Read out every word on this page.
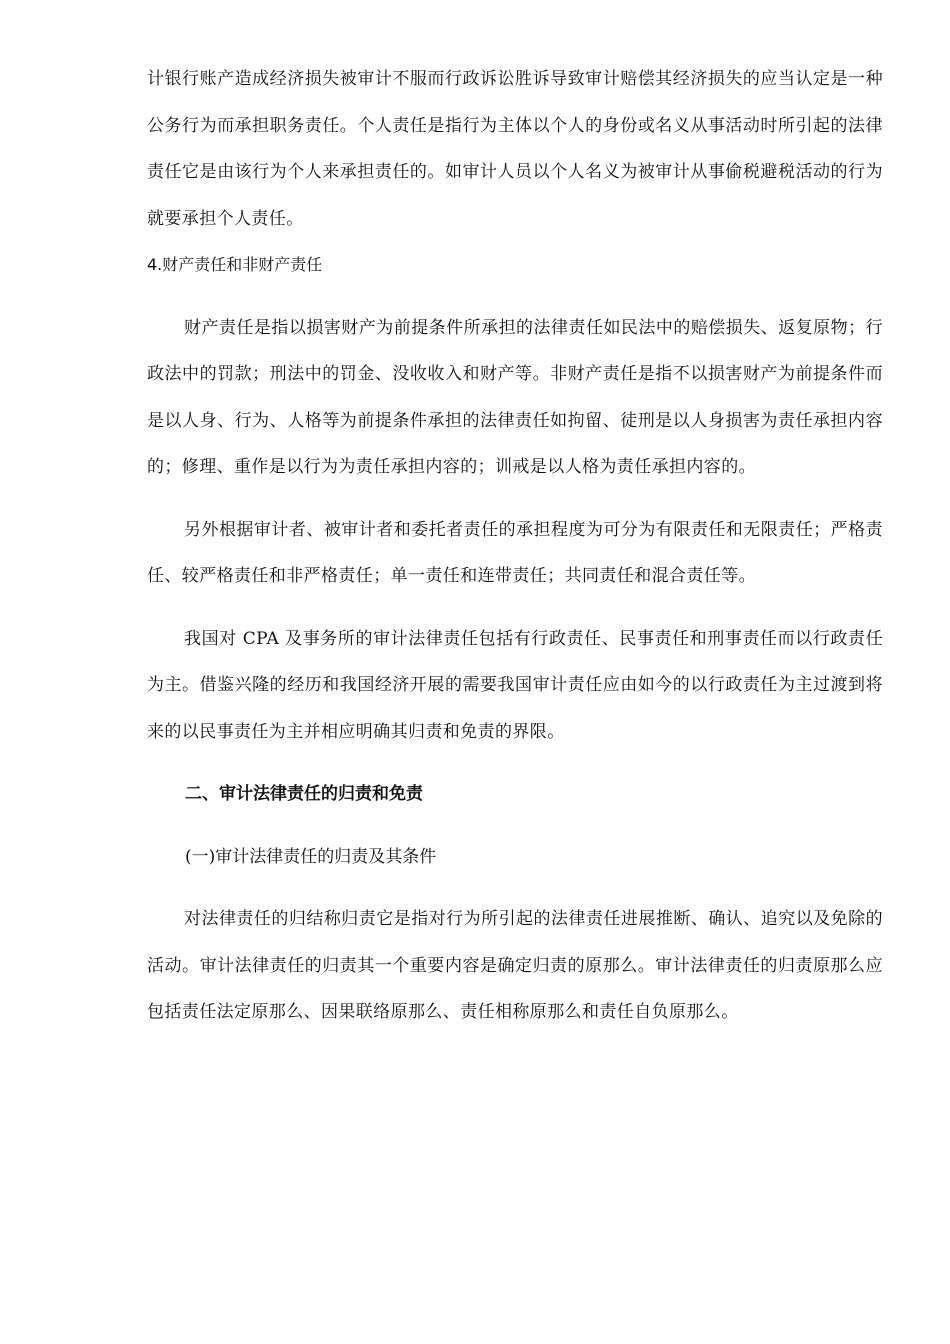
计银行账产造成经济损失被审计不服而行政诉讼胜诉导致审计赔偿其经济损失的应当认定是一种公务行为而承担职务责任。个人责任是指行为主体以个人的身份或名义从事活动时所引起的法律责任它是由该行为个人来承担责任的。如审计人员以个人名义为被审计从事偷税避税活动的行为就要承担个人责任。

4.财产责任和非财产责任

财产责任是指以损害财产为前提条件所承担的法律责任如民法中的赔偿损失、返复原物；行政法中的罚款；刑法中的罚金、没收收入和财产等。非财产责任是指不以损害财产为前提条件而是以人身、行为、人格等为前提条件承担的法律责任如拘留、徒刑是以人身损害为责任承担内容的；修理、重作是以行为为责任承担内容的；训戒是以人格为责任承担内容的。

另外根据审计者、被审计者和委托者责任的承担程度为可分为有限责任和无限责任；严格责任、较严格责任和非严格责任；单一责任和连带责任；共同责任和混合责任等。

我国对 CPA 及事务所的审计法律责任包括有行政责任、民事责任和刑事责任而以行政责任为主。借鉴兴隆的经历和我国经济开展的需要我国审计责任应由如今的以行政责任为主过渡到将来的以民事责任为主并相应明确其归责和免责的界限。

二、审计法律责任的归责和免责

(一)审计法律责任的归责及其条件

对法律责任的归结称归责它是指对行为所引起的法律责任进展推断、确认、追究以及免除的活动。审计法律责任的归责其一个重要内容是确定归责的原那么。审计法律责任的归责原那么应包括责任法定原那么、因果联络原那么、责任相称原那么和责任自负原那么。
